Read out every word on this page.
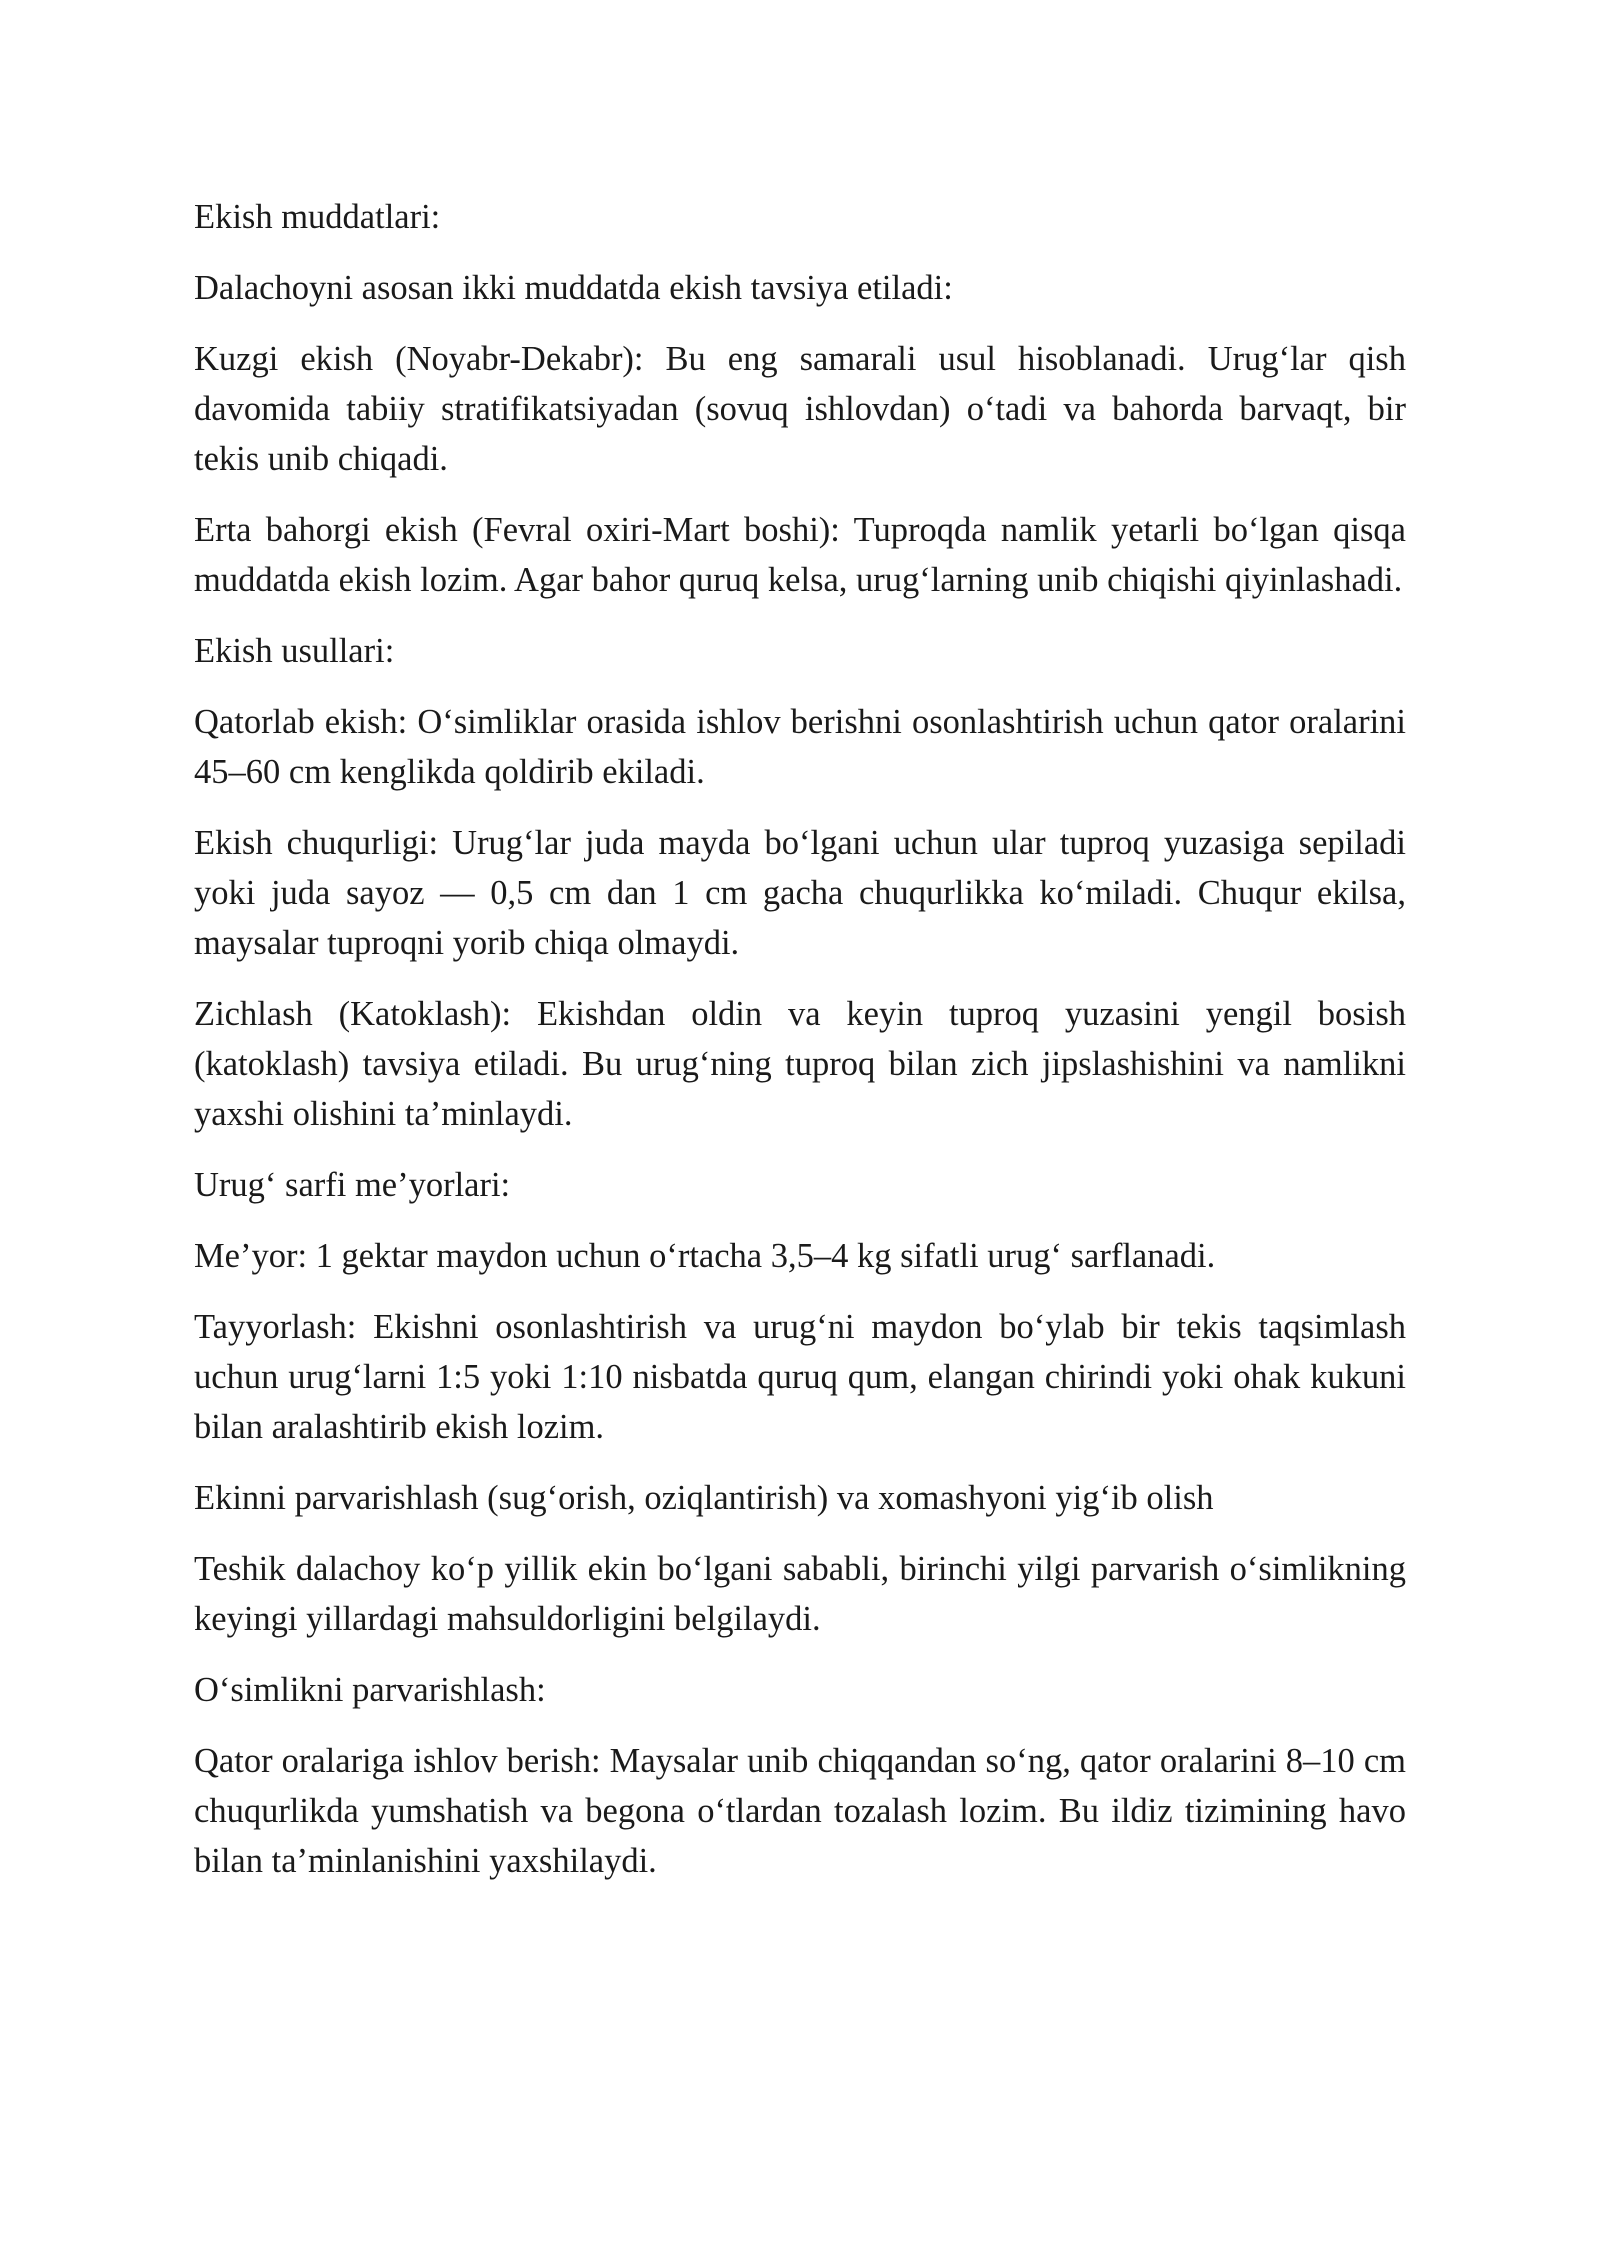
Ekish muddatlari:

Dalachoyni asosan ikki muddatda ekish tavsiya etiladi:

Kuzgi ekish (Noyabr-Dekabr): Bu eng samarali usul hisoblanadi. Urug‘lar qish davomida tabiiy stratifikatsiyadan (sovuq ishlovdan) o‘tadi va bahorda barvaqt, bir tekis unib chiqadi.

Erta bahorgi ekish (Fevral oxiri-Mart boshi): Tuproqda namlik yetarli bo‘lgan qisqa muddatda ekish lozim. Agar bahor quruq kelsa, urug‘larning unib chiqishi qiyinlashadi.

Ekish usullari:

Qatorlab ekish: O‘simliklar orasida ishlov berishni osonlashtirish uchun qator oralarini 45–60 cm kenglikda qoldirib ekiladi.

Ekish chuqurligi: Urug‘lar juda mayda bo‘lgani uchun ular tuproq yuzasiga sepiladi yoki juda sayoz — 0,5 cm dan 1 cm gacha chuqurlikka ko‘miladi. Chuqur ekilsa, maysalar tuproqni yorib chiqa olmaydi.

Zichlash (Katoklash): Ekishdan oldin va keyin tuproq yuzasini yengil bosish (katoklash) tavsiya etiladi. Bu urug‘ning tuproq bilan zich jipslashishini va namlikni yaxshi olishini ta’minlaydi.

Urug‘ sarfi me’yorlari:

Me’yor: 1 gektar maydon uchun o‘rtacha 3,5–4 kg sifatli urug‘ sarflanadi.

Tayyorlash: Ekishni osonlashtirish va urug‘ni maydon bo‘ylab bir tekis taqsimlash uchun urug‘larni 1:5 yoki 1:10 nisbatda quruq qum, elangan chirindi yoki ohak kukuni bilan aralashtirib ekish lozim.

Ekinni parvarishlash (sug‘orish, oziqlantirish) va xomashyoni yig‘ib olish

Teshik dalachoy ko‘p yillik ekin bo‘lgani sababli, birinchi yilgi parvarish o‘simlikning keyingi yillardagi mahsuldorligini belgilaydi.

O‘simlikni parvarishlash:

Qator oralariga ishlov berish: Maysalar unib chiqqandan so‘ng, qator oralarini 8–10 cm chuqurlikda yumshatish va begona o‘tlardan tozalash lozim. Bu ildiz tizimining havo bilan ta’minlanishini yaxshilaydi.
